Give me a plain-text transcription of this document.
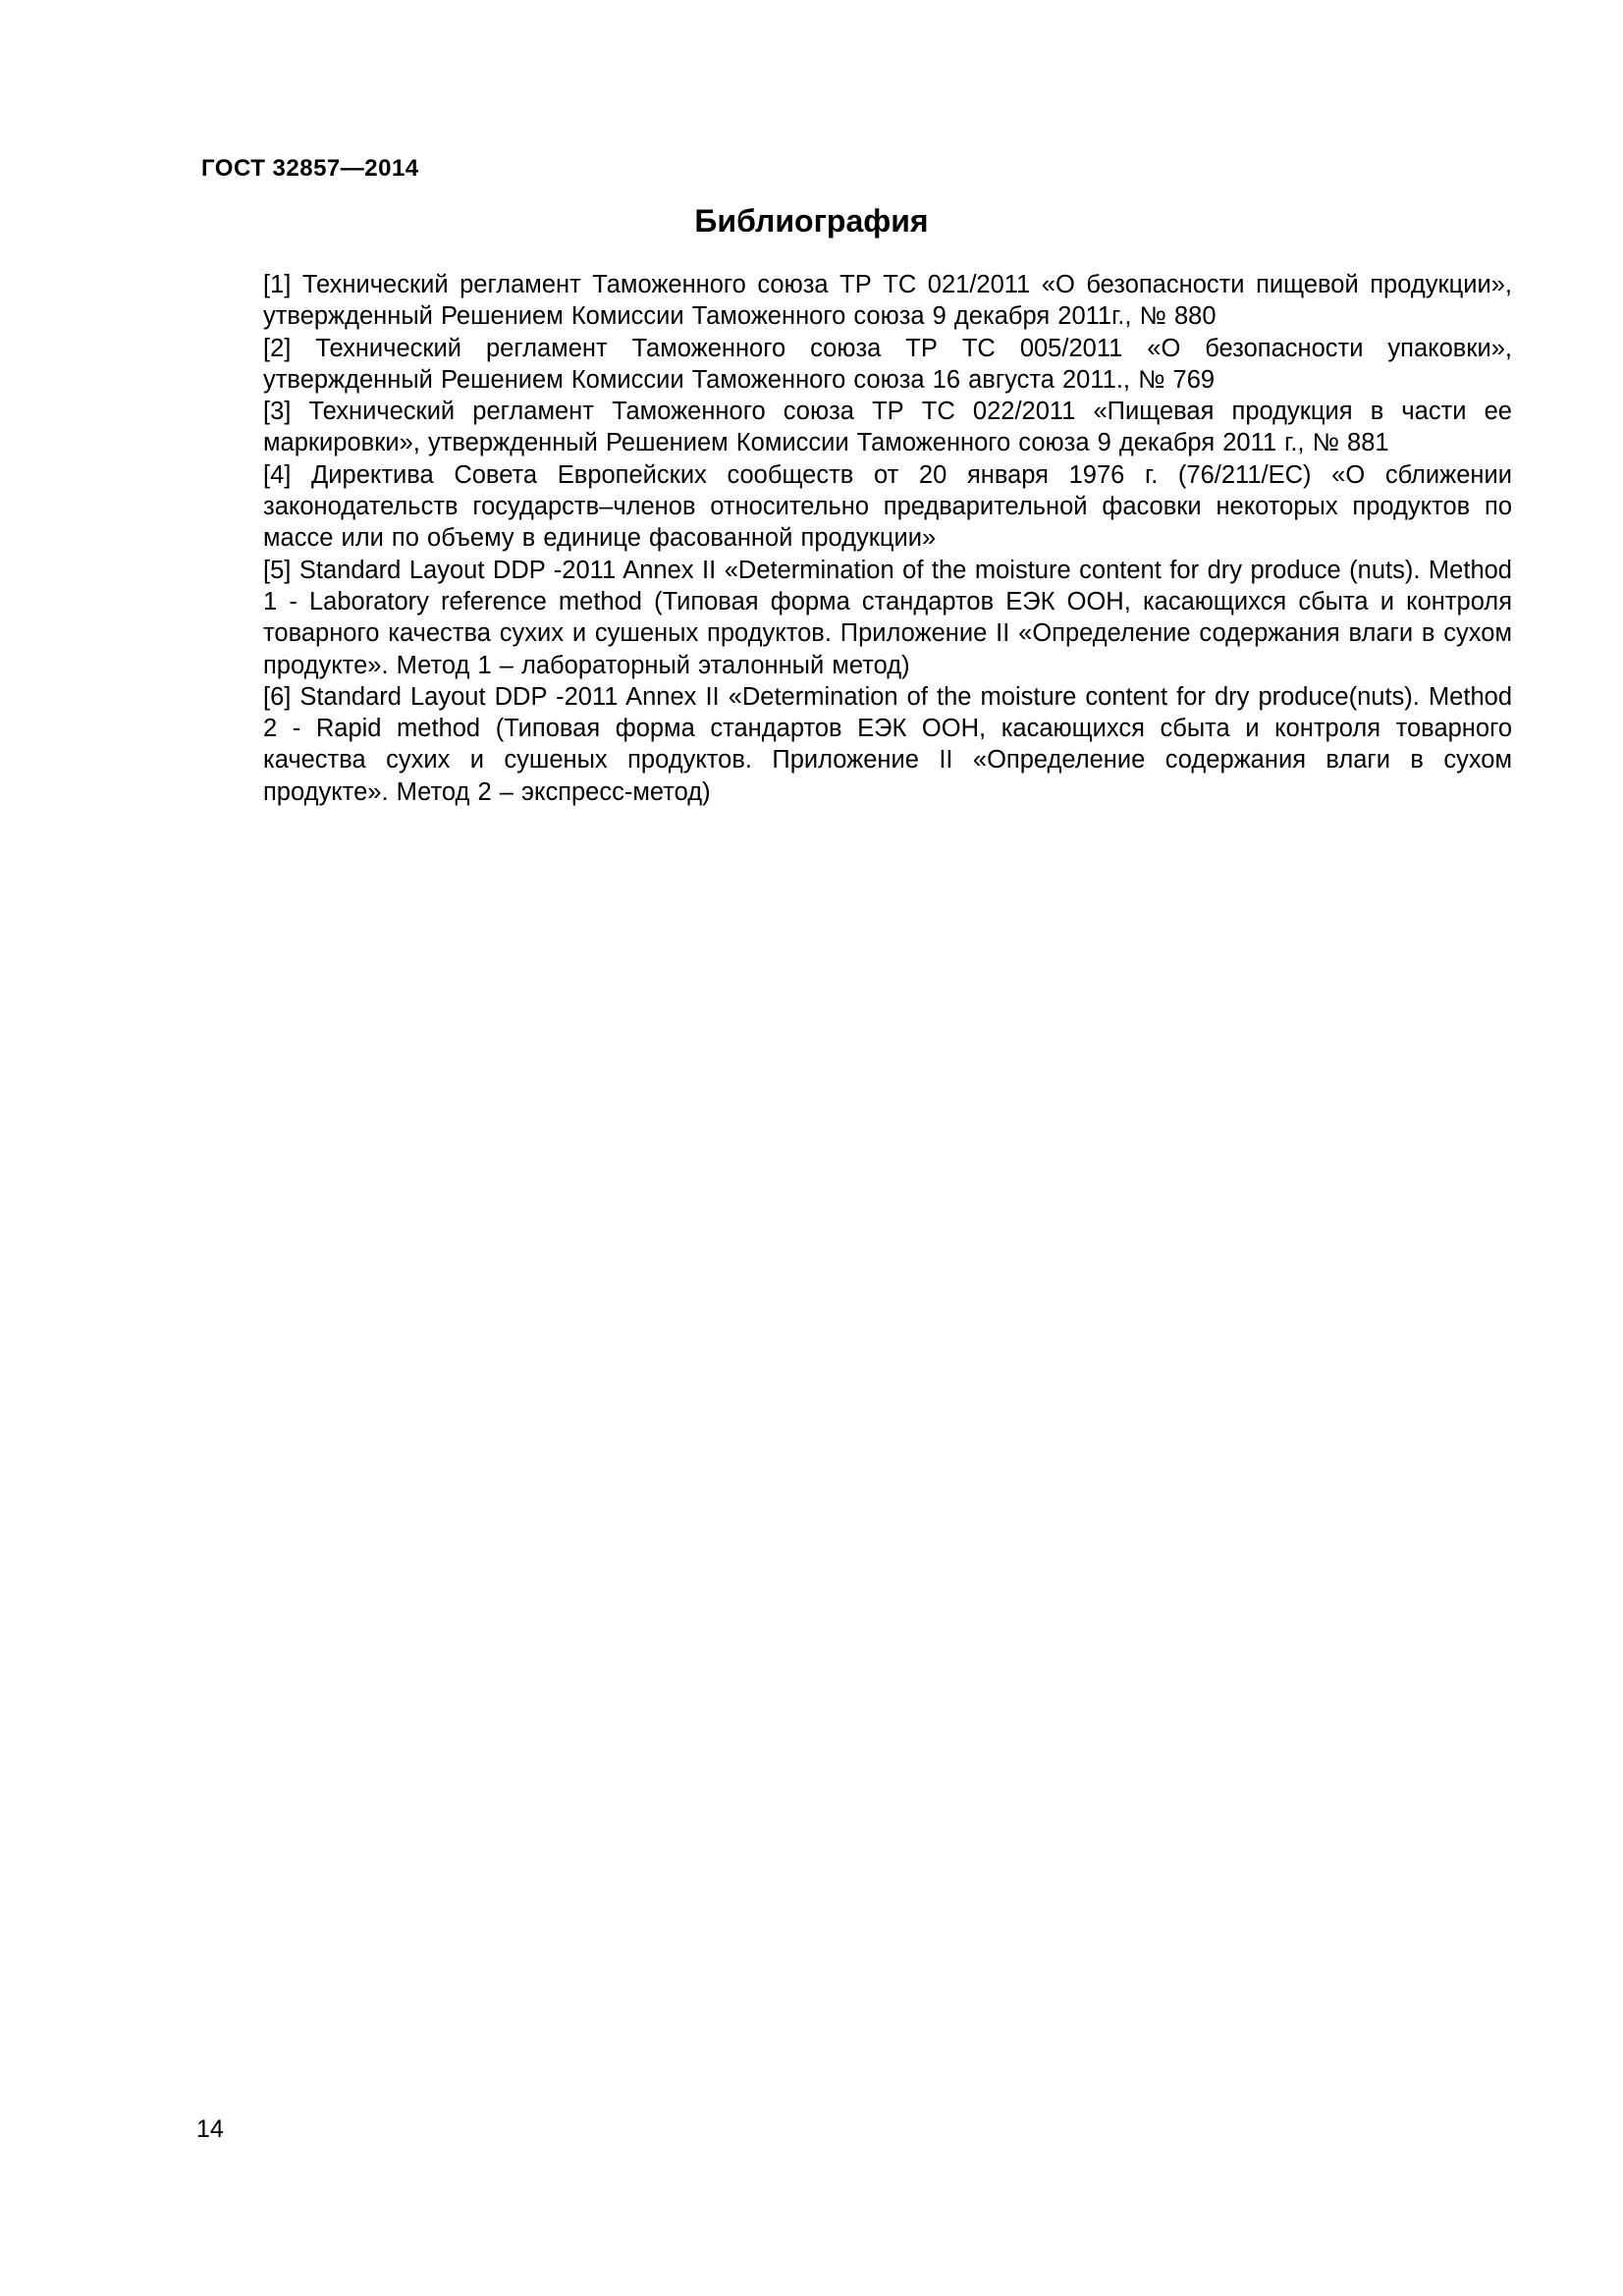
ГОСТ 32857—2014
Библиография
[1] Технический регламент Таможенного союза ТР ТС 021/2011 «О безопасности пищевой продукции», утвержденный Решением Комиссии Таможенного союза 9 декабря 2011г., № 880
[2] Технический регламент Таможенного союза ТР ТС 005/2011 «О безопасности упаковки», утвержденный Решением Комиссии Таможенного союза 16 августа 2011., № 769
[3] Технический регламент Таможенного союза ТР ТС 022/2011 «Пищевая продукция в части ее маркировки», утвержденный Решением Комиссии Таможенного союза 9 декабря 2011 г., № 881
[4] Директива Совета Европейских сообществ от 20 января 1976 г. (76/211/ЕС) «О сближении законодательств государств–членов относительно предварительной фасовки некоторых продуктов по массе или по объему в единице фасованной продукции»
[5] Standard Layout DDP -2011 Annex II «Determination of the moisture content for dry produce (nuts). Method 1 - Laboratory reference method (Типовая форма стандартов ЕЭК ООН, касающихся сбыта и контроля товарного качества сухих и сушеных продуктов. Приложение II «Определение содержания влаги в сухом продукте». Метод 1 – лабораторный эталонный метод)
[6] Standard Layout DDP -2011 Annex II «Determination of the moisture content for dry produce(nuts). Method 2 - Rapid method (Типовая форма стандартов ЕЭК ООН, касающихся сбыта и контроля товарного качества сухих и сушеных продуктов. Приложение II «Определение содержания влаги в сухом продукте». Метод 2 – экспресс-метод)
14
